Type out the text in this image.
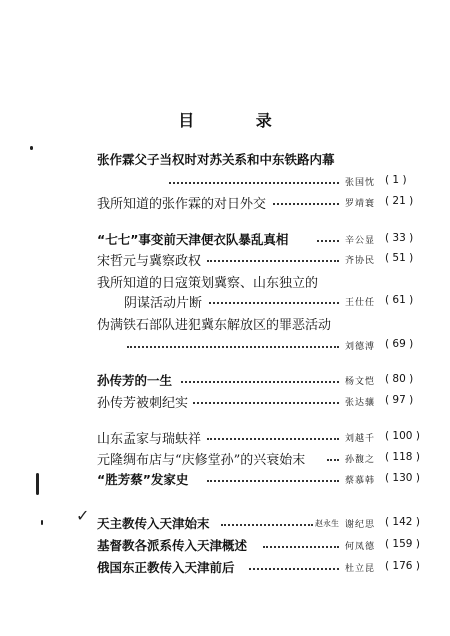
目 录
张作霖父子当权时对苏关系和中东铁路内幕
张国忱 ( 1 )
我所知道的张作霖的对日外交	罗靖寰 ( 21 )
“七七”事变前天津便衣队暴乱真相	辛公显 ( 33 )
宋哲元与冀察政权	齐协民 ( 51 )
我所知道的日寇策划冀察、山东独立的
阴谋活动片断	王仕任 ( 61 )
伪满铁石部队进犯冀东解放区的罪恶活动
刘德溥 ( 69 )
孙传芳的一生	杨文恺 ( 80 )
孙传芳被刺纪实	张达骧 ( 97 )
山东孟家与瑞蚨祥	刘越千 ( 100 )
元隆绸布店与“庆修堂孙”的兴衰始末	孙馥之 ( 118 )
“胜芳蔡”发家史	蔡慕韩 ( 130 )
✓ 天主教传入天津始末	赵永生 谢纪思 ( 142 )
基督教各派系传入天津概述	何凤德 ( 159 )
俄国东正教传入天津前后	杜立昆 ( 176 )
